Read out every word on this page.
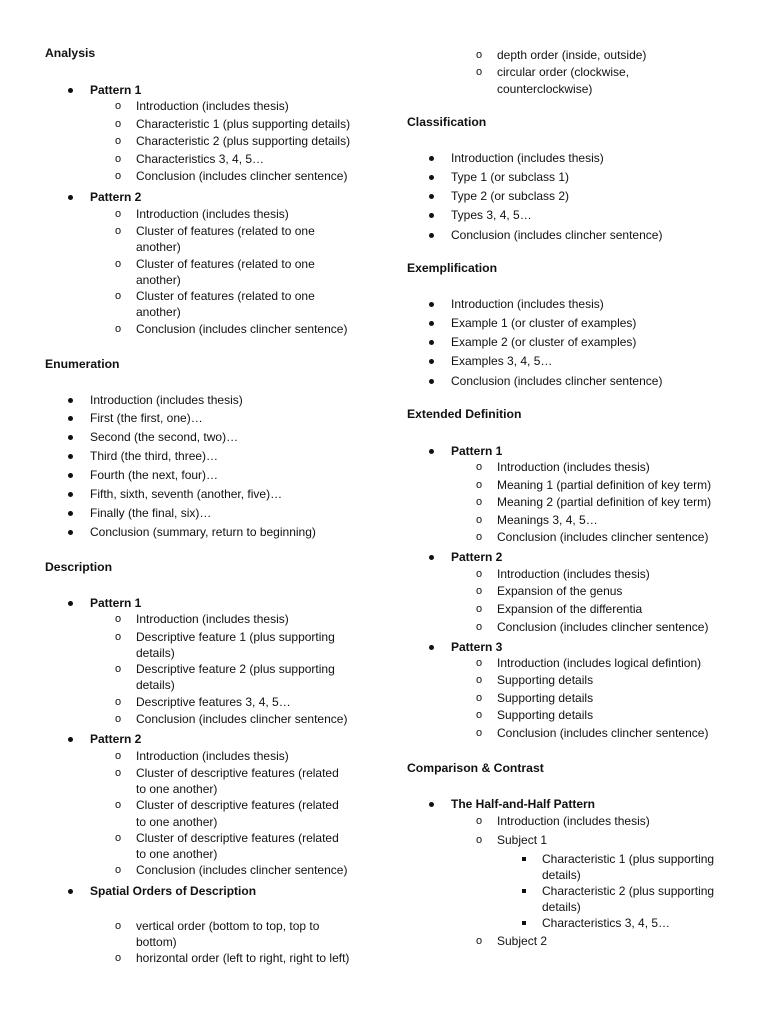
Analysis
Pattern 1
o Introduction (includes thesis)
o Characteristic 1 (plus supporting details)
o Characteristic 2 (plus supporting details)
o Characteristics 3, 4, 5…
o Conclusion (includes clincher sentence)
Pattern 2
o Introduction (includes thesis)
o Cluster of features (related to one
another)
o Cluster of features (related to one
another)
o Cluster of features (related to one
another)
o Conclusion (includes clincher sentence)
Enumeration
Introduction (includes thesis)
First (the first, one)…
Second (the second, two)…
Third (the third, three)…
Fourth (the next, four)…
Fifth, sixth, seventh (another, five)…
Finally (the final, six)…
Conclusion (summary, return to beginning)
Description
Pattern 1
o Introduction (includes thesis)
o Descriptive feature 1 (plus supporting
details)
o Descriptive feature 2 (plus supporting
details)
o Descriptive features 3, 4, 5…
o Conclusion (includes clincher sentence)
Pattern 2
o Introduction (includes thesis)
o Cluster of descriptive features (related
to one another)
o Cluster of descriptive features (related
to one another)
o Cluster of descriptive features (related
to one another)
o Conclusion (includes clincher sentence)
Spatial Orders of Description
o vertical order (bottom to top, top to
bottom)
o horizontal order (left to right, right to left)
o depth order (inside, outside)
o circular order (clockwise,
counterclockwise)
Classification
Introduction (includes thesis)
Type 1 (or subclass 1)
Type 2 (or subclass 2)
Types 3, 4, 5…
Conclusion (includes clincher sentence)
Exemplification
Introduction (includes thesis)
Example 1 (or cluster of examples)
Example 2 (or cluster of examples)
Examples 3, 4, 5…
Conclusion (includes clincher sentence)
Extended Definition
Pattern 1
o Introduction (includes thesis)
o Meaning 1 (partial definition of key term)
o Meaning 2 (partial definition of key term)
o Meanings 3, 4, 5…
o Conclusion (includes clincher sentence)
Pattern 2
o Introduction (includes thesis)
o Expansion of the genus
o Expansion of the differentia
o Conclusion (includes clincher sentence)
Pattern 3
o Introduction (includes logical defintion)
o Supporting details
o Supporting details
o Supporting details
o Conclusion (includes clincher sentence)
Comparison & Contrast
The Half-and-Half Pattern
o Introduction (includes thesis)
o Subject 1
Characteristic 1 (plus supporting
details)
Characteristic 2 (plus supporting
details)
Characteristics 3, 4, 5…
o Subject 2
